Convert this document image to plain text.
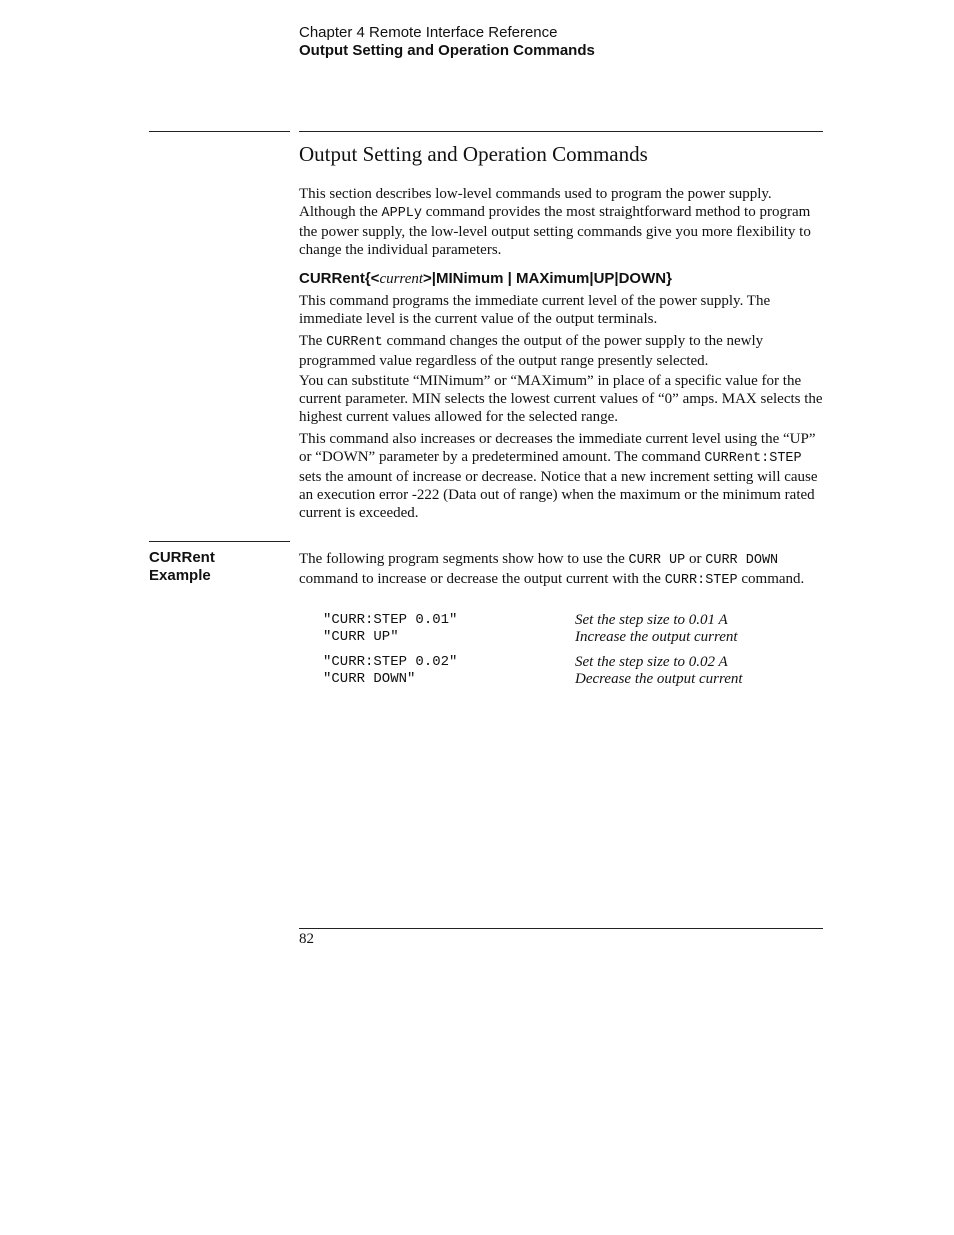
Chapter 4 Remote Interface Reference
Output Setting and Operation Commands
Output Setting and Operation Commands
This section describes low-level commands used to program the power supply. Although the APPLy command provides the most straightforward method to program the power supply, the low-level output setting commands give you more flexibility to change the individual parameters.
CURRent{<current>|MINimum | MAXimum|UP|DOWN}
This command programs the immediate current level of the power supply. The immediate level is the current value of the output terminals.
The CURRent command changes the output of the power supply to the newly programmed value regardless of the output range presently selected.
You can substitute “MINimum” or “MAXimum” in place of a specific value for the current parameter. MIN selects the lowest current values of “0” amps. MAX selects the highest current values allowed for the selected range.
This command also increases or decreases the immediate current level using the “UP” or “DOWN” parameter by a predetermined amount. The command CURRent:STEP sets the amount of increase or decrease. Notice that a new increment setting will cause an execution error -222 (Data out of range) when the maximum or the minimum rated current is exceeded.
CURRent
Example
The following program segments show how to use the CURR UP or CURR DOWN command to increase or decrease the output current with the CURR:STEP command.
"CURR:STEP 0.01"	Set the step size to 0.01 A
"CURR UP"	Increase the output current
"CURR:STEP 0.02"	Set the step size to 0.02 A
"CURR DOWN"	Decrease the output current
82
